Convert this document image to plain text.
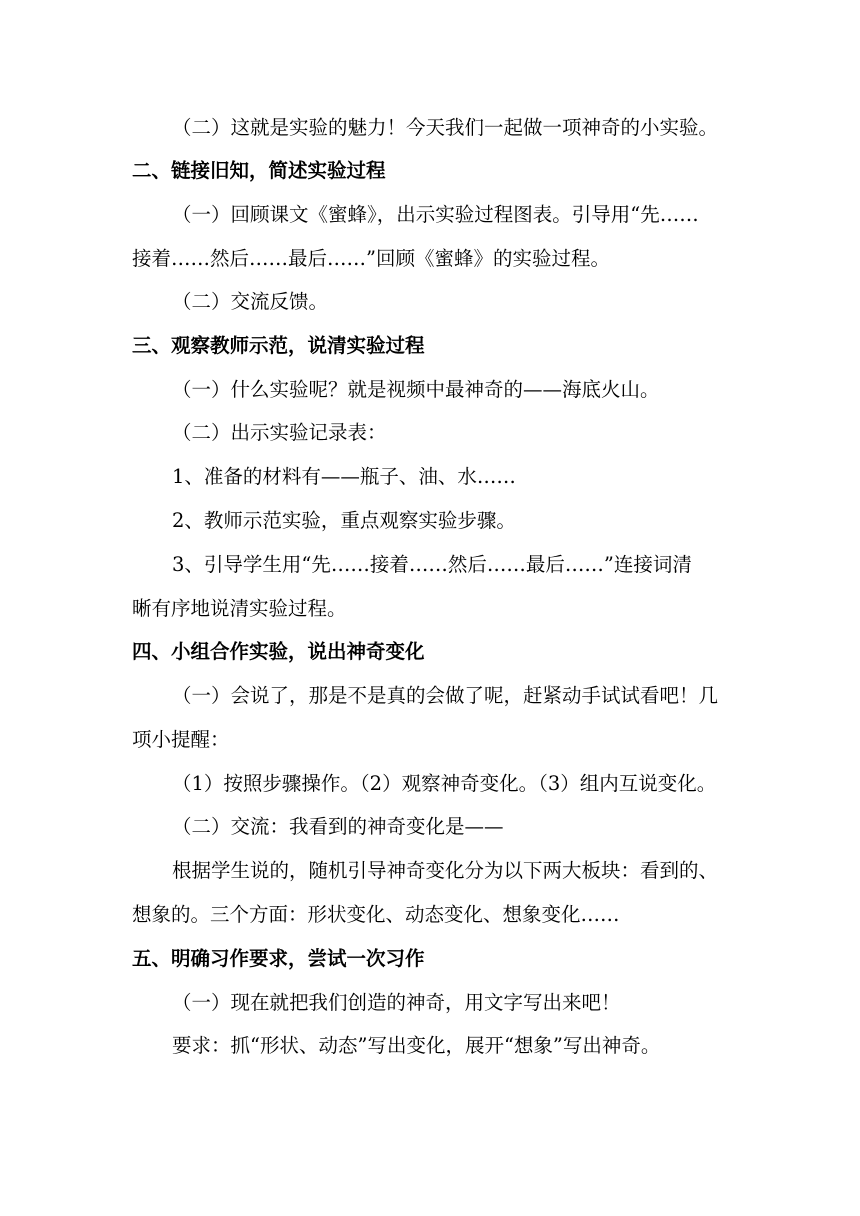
（二）这就是实验的魅力！今天我们一起做一项神奇的小实验。

二、链接旧知，简述实验过程

（一）回顾课文《蜜蜂》，出示实验过程图表。引导用“先……

接着……然后……最后……”回顾《蜜蜂》的实验过程。

（二）交流反馈。

三、观察教师示范，说清实验过程

（一）什么实验呢？就是视频中最神奇的——海底火山。

（二）出示实验记录表：

1、准备的材料有——瓶子、油、水……

2、教师示范实验，重点观察实验步骤。

3、引导学生用“先……接着……然后……最后……”连接词清

晰有序地说清实验过程。

四、小组合作实验，说出神奇变化

（一）会说了，那是不是真的会做了呢，赶紧动手试试看吧！几

项小提醒：

（1）按照步骤操作。（2）观察神奇变化。（3）组内互说变化。

（二）交流：我看到的神奇变化是——

根据学生说的，随机引导神奇变化分为以下两大板块：看到的、

想象的。三个方面：形状变化、动态变化、想象变化……

五、明确习作要求，尝试一次习作

（一）现在就把我们创造的神奇，用文字写出来吧！

要求：抓“形状、动态”写出变化，展开“想象”写出神奇。
